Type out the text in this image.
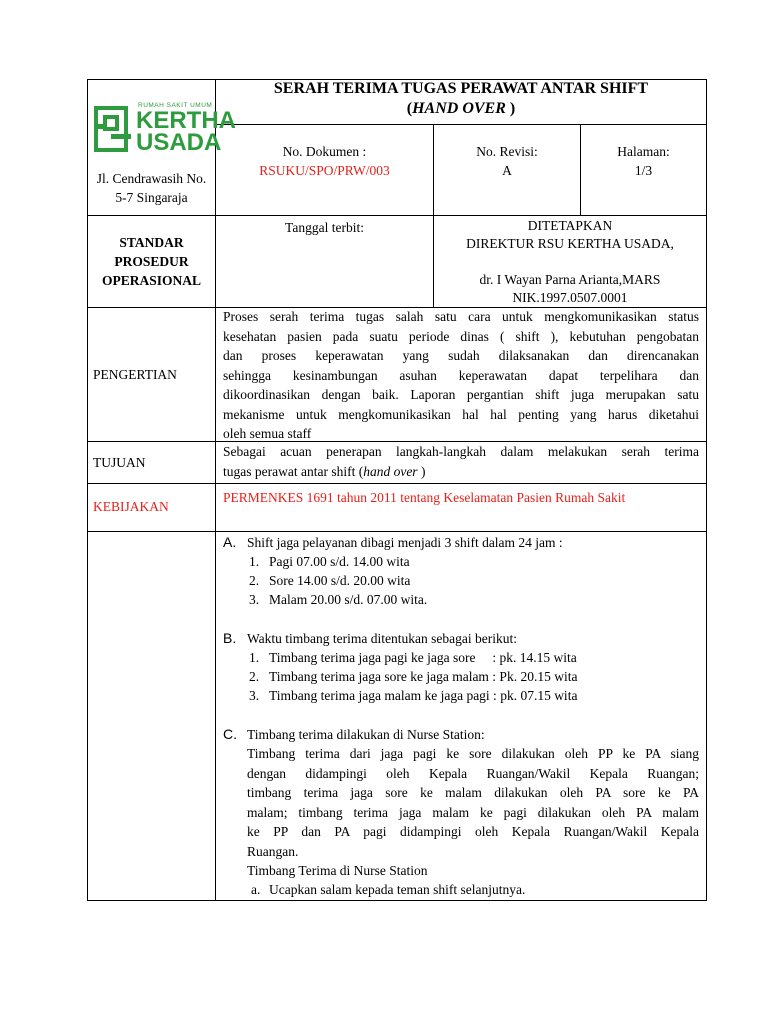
RUMAH SAKIT UMUM
KERTHA
USADA
Jl. Cendrawasih No.
5-7 Singaraja
SERAH TERIMA TUGAS PERAWAT ANTAR SHIFT
(HAND OVER )
No. Dokumen :
RSUKU/SPO/PRW/003
No. Revisi:
A
Halaman:
1/3
STANDAR
PROSEDUR
OPERASIONAL
Tanggal terbit:	DITETAPKAN
DIREKTUR RSU KERTHA USADA,
dr. I Wayan Parna Arianta,MARS
NIK.1997.0507.0001
PENGERTIAN
Proses serah terima tugas salah satu cara untuk mengkomunikasikan status
kesehatan pasien pada suatu periode dinas ( shift ), kebutuhan pengobatan
dan proses keperawatan yang sudah dilaksanakan dan direncanakan
sehingga kesinambungan asuhan keperawatan dapat terpelihara dan
dikoordinasikan dengan baik. Laporan pergantian shift juga merupakan satu
mekanisme untuk mengkomunikasikan hal hal penting yang harus diketahui
oleh semua staff
TUJUAN
Sebagai acuan penerapan langkah-langkah dalam melakukan serah terima
tugas perawat antar shift (hand over )
KEBIJAKAN
PERMENKES 1691 tahun 2011 tentang Keselamatan Pasien Rumah Sakit
A. Shift jaga pelayanan dibagi menjadi 3 shift dalam 24 jam :
1. Pagi 07.00 s/d. 14.00 wita
2. Sore 14.00 s/d. 20.00 wita
3. Malam 20.00 s/d. 07.00 wita.
B. Waktu timbang terima ditentukan sebagai berikut:
1. Timbang terima jaga pagi ke jaga sore     : pk. 14.15 wita
2. Timbang terima jaga sore ke jaga malam : Pk. 20.15 wita
3. Timbang terima jaga malam ke jaga pagi : pk. 07.15 wita
C. Timbang terima dilakukan di Nurse Station:
Timbang terima dari jaga pagi ke sore dilakukan oleh PP ke PA siang
dengan didampingi oleh Kepala Ruangan/Wakil Kepala Ruangan;
timbang terima jaga sore ke malam dilakukan oleh PA sore ke PA
malam; timbang terima jaga malam ke pagi dilakukan oleh PA malam
ke PP dan PA pagi didampingi oleh Kepala Ruangan/Wakil Kepala
Ruangan.
Timbang Terima di Nurse Station
a. Ucapkan salam kepada teman shift selanjutnya.
